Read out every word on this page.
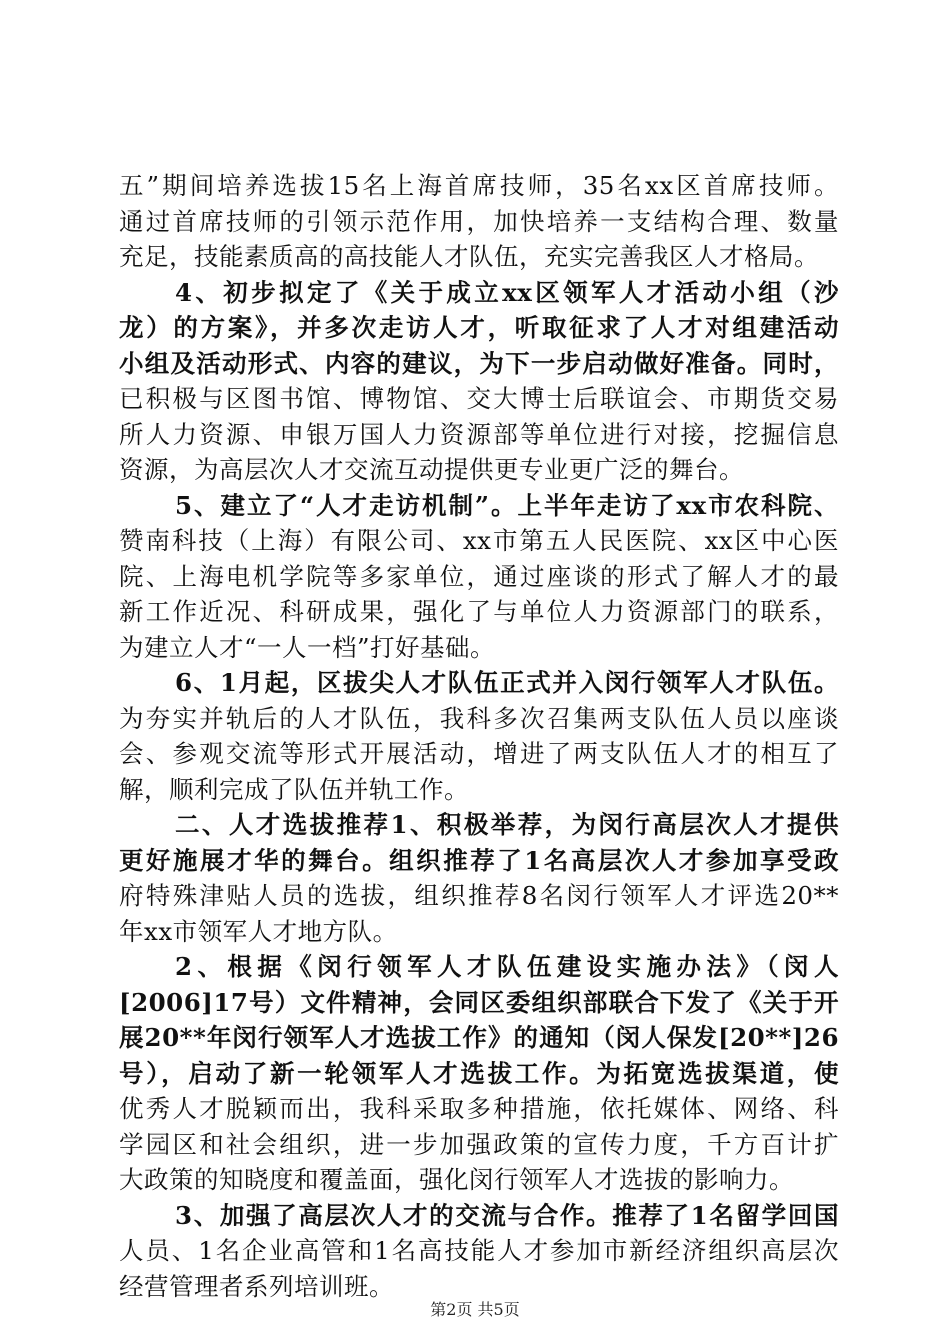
五”期间培养选拔15名上海首席技师，35名xx区首席技师。
通过首席技师的引领示范作用，加快培养一支结构合理、数量
充足，技能素质高的高技能人才队伍，充实完善我区人才格局。
4、初步拟定了《关于成立xx区领军人才活动小组（沙
龙）的方案》，并多次走访人才，听取征求了人才对组建活动
小组及活动形式、内容的建议，为下一步启动做好准备。同时，
已积极与区图书馆、博物馆、交大博士后联谊会、市期货交易
所人力资源、申银万国人力资源部等单位进行对接，挖掘信息
资源，为高层次人才交流互动提供更专业更广泛的舞台。
5、建立了“人才走访机制”。上半年走访了xx市农科院、
赞南科技（上海）有限公司、xx市第五人民医院、xx区中心医
院、上海电机学院等多家单位，通过座谈的形式了解人才的最
新工作近况、科研成果，强化了与单位人力资源部门的联系，
为建立人才“一人一档”打好基础。
6、1月起，区拔尖人才队伍正式并入闵行领军人才队伍。
为夯实并轨后的人才队伍，我科多次召集两支队伍人员以座谈
会、参观交流等形式开展活动，增进了两支队伍人才的相互了
解，顺利完成了队伍并轨工作。
二、人才选拔推荐1、积极举荐，为闵行高层次人才提供
更好施展才华的舞台。组织推荐了1名高层次人才参加享受政
府特殊津贴人员的选拔，组织推荐8名闵行领军人才评选20**
年xx市领军人才地方队。
2、根据《闵行领军人才队伍建设实施办法》（闵人
[2006]17号）文件精神，会同区委组织部联合下发了《关于开
展20**年闵行领军人才选拔工作》的通知（闵人保发[20**]26
号），启动了新一轮领军人才选拔工作。为拓宽选拔渠道，使
优秀人才脱颖而出，我科采取多种措施，依托媒体、网络、科
学园区和社会组织，进一步加强政策的宣传力度，千方百计扩
大政策的知晓度和覆盖面，强化闵行领军人才选拔的影响力。
3、加强了高层次人才的交流与合作。推荐了1名留学回国
人员、1名企业高管和1名高技能人才参加市新经济组织高层次
经营管理者系列培训班。
第2页 共5页
